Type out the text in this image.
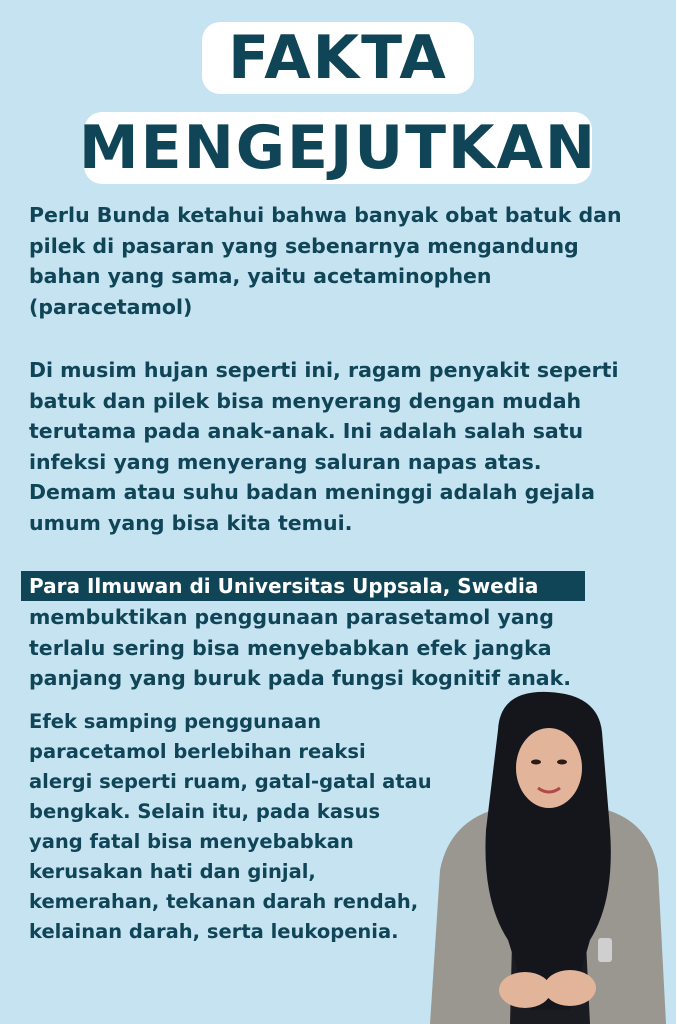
FAKTA
MENGEJUTKAN

Perlu Bunda ketahui bahwa banyak obat batuk dan
pilek di pasaran yang sebenarnya mengandung
bahan yang sama, yaitu acetaminophen
(paracetamol)

Di musim hujan seperti ini, ragam penyakit seperti
batuk dan pilek bisa menyerang dengan mudah
terutama pada anak-anak. Ini adalah salah satu
infeksi yang menyerang saluran napas atas.
Demam atau suhu badan meninggi adalah gejala
umum yang bisa kita temui.

Para Ilmuwan di Universitas Uppsala, Swedia

membuktikan penggunaan parasetamol yang
terlalu sering bisa menyebabkan efek jangka
panjang yang buruk pada fungsi kognitif anak.

Efek samping penggunaan
paracetamol berlebihan reaksi
alergi seperti ruam, gatal-gatal atau
bengkak. Selain itu, pada kasus
yang fatal bisa menyebabkan
kerusakan hati dan ginjal,
kemerahan, tekanan darah rendah,
kelainan darah, serta leukopenia.
